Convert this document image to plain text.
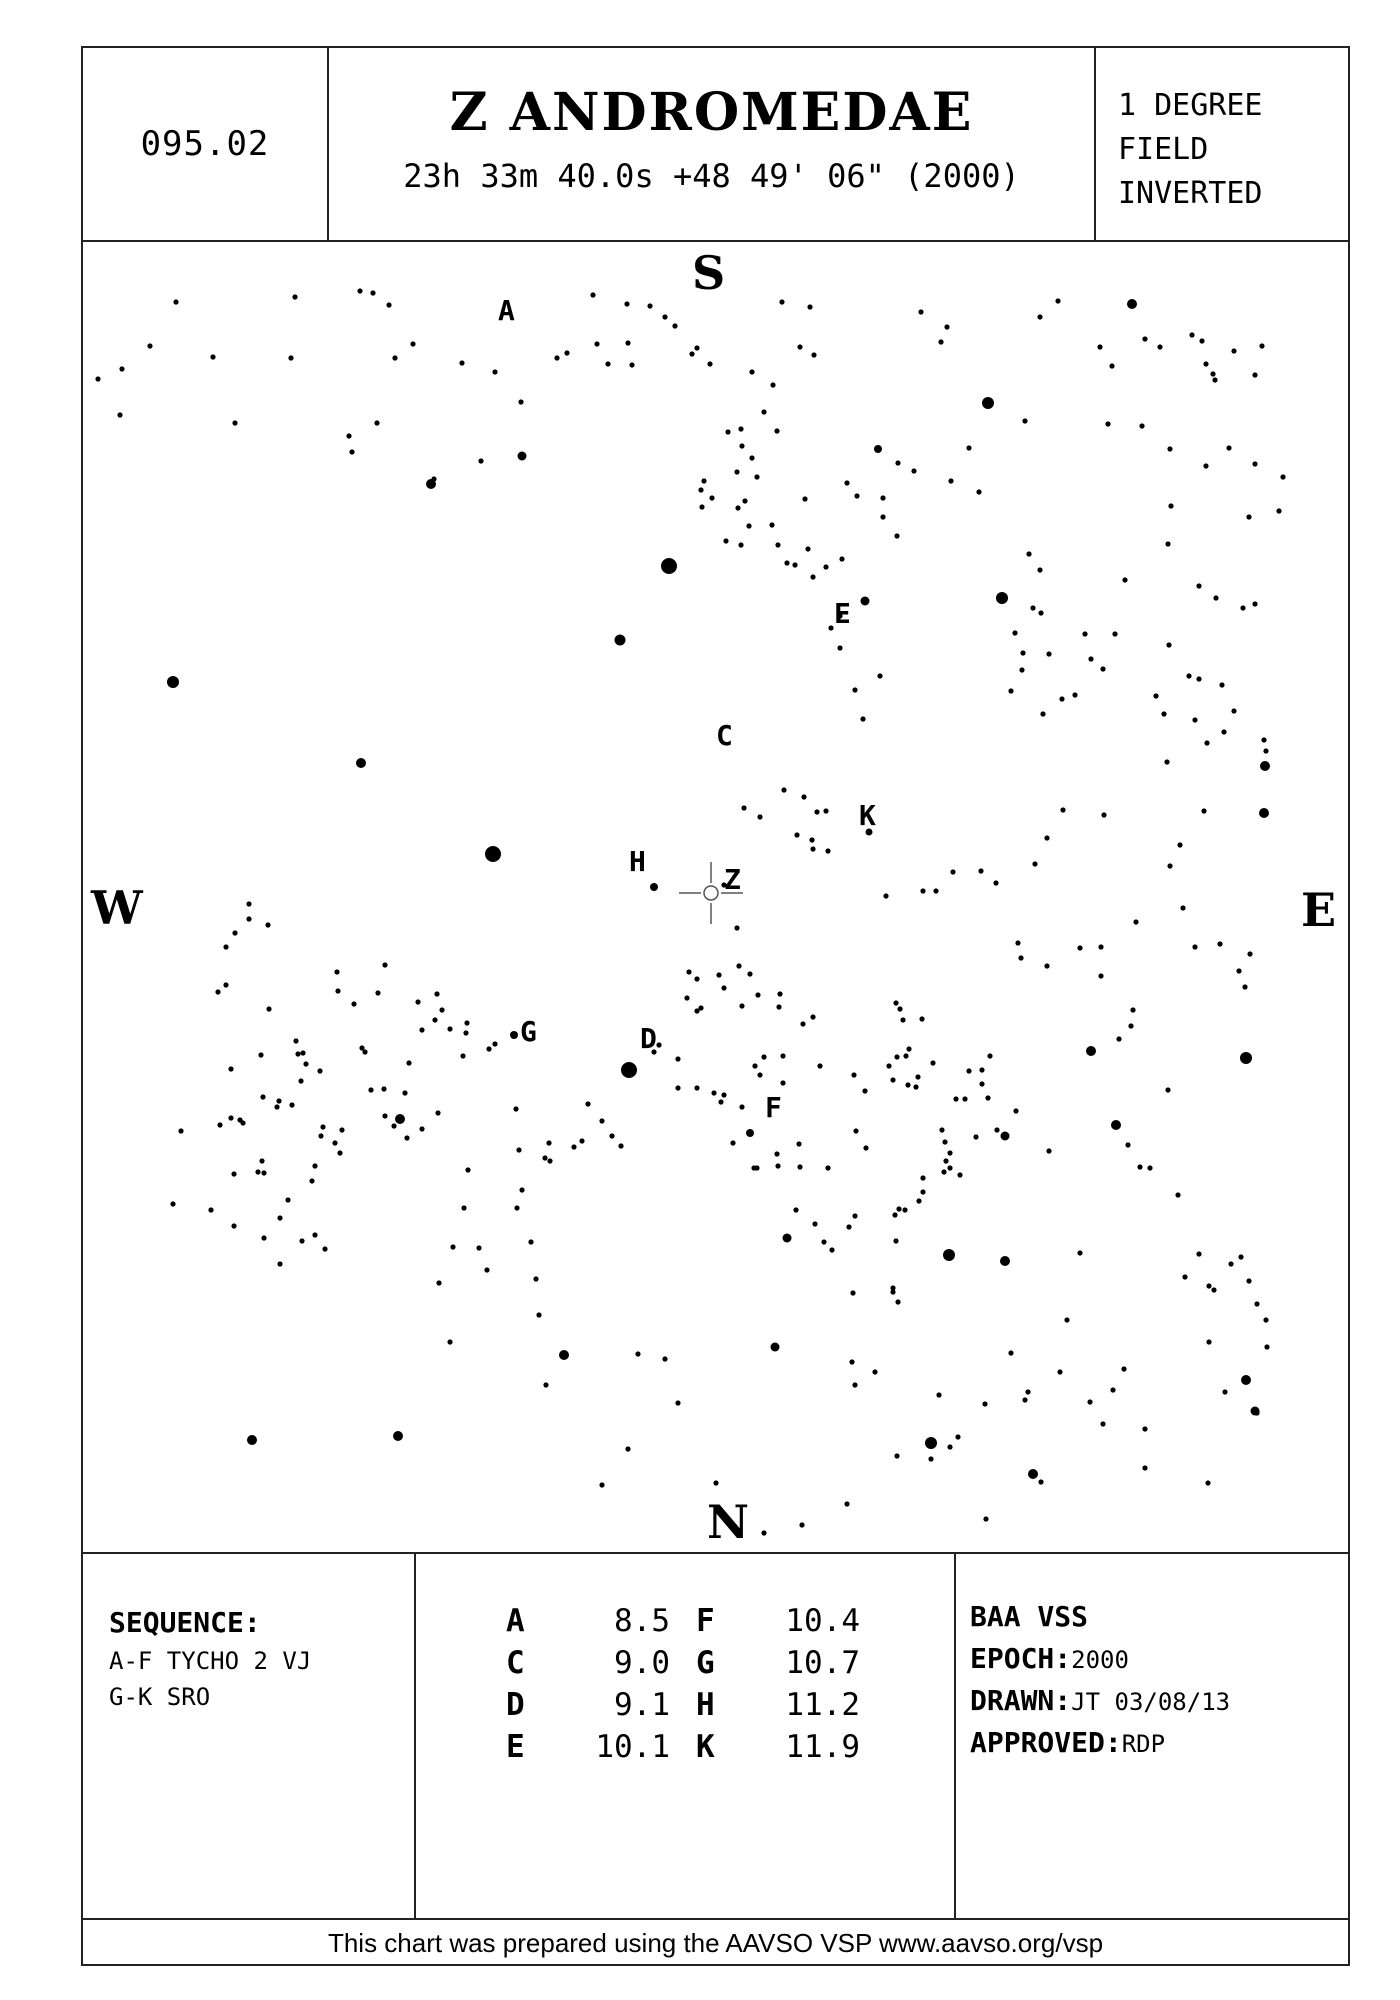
095.02
Z ANDROMEDAE
23h 33m 40.0s +48 49' 06" (2000)
1 DEGREE
FIELD
INVERTED
A
C
D
E
F
G
H
K
Z
S
N
W	E
SEQUENCE:
A-F TYCHO 2 VJ
G-K SRO
A	8.5 F	10.4
C	9.0 G	10.7
D	9.1 H	11.2
E	10.1 K	11.9
BAA VSS
EPOCH: 2000
DRAWN: JT 03/08/13
APPROVED: RDP
This chart was prepared using the AAVSO VSP www.aavso.org/vsp
